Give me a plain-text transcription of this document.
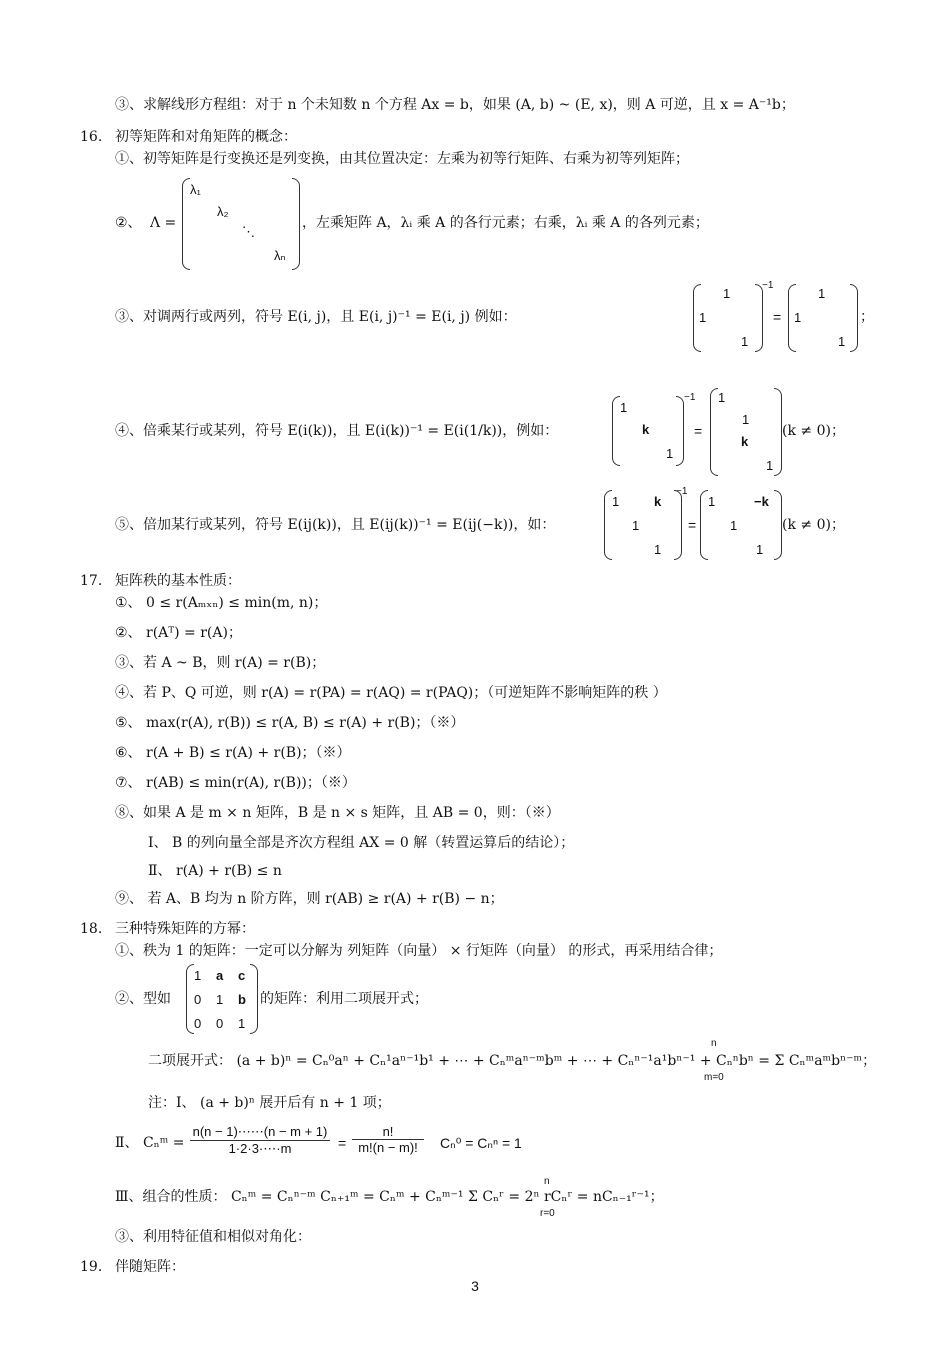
③、求解线形方程组：对于 n 个未知数 n 个方程 Ax = b，如果 (A, b) ~ (E, x)，则 A 可逆，且 x = A⁻¹b；
16. 初等矩阵和对角矩阵的概念：
①、初等矩阵是行变换还是列变换，由其位置决定：左乘为初等行矩阵、右乘为初等列矩阵；
②、 Λ =
λ₁
λ₂
⋱
λₙ
，左乘矩阵 A，λᵢ 乘 A 的各行元素；右乘，λᵢ 乘 A 的各列元素；
③、对调两行或两列，符号 E(i, j)，且 E(i, j)⁻¹ = E(i, j) 例如：
1
1
1
−1
=
1
1
1
；
④、倍乘某行或某列，符号 E(i(k))，且 E(i(k))⁻¹ = E(i(1/k))，例如：
1
k
1
−1
=
1
1
k
1
(k ≠ 0)；
⑤、倍加某行或某列，符号 E(ij(k))，且 E(ij(k))⁻¹ = E(ij(−k))，如：
1	k
1
1
−1
=
1	−k
1
1
(k ≠ 0)；
17. 矩阵秩的基本性质：
①、 0 ≤ r(Aₘₓₙ) ≤ min(m, n)；
②、 r(Aᵀ) = r(A)；
③、若 A ~ B，则 r(A) = r(B)；
④、若 P、Q 可逆，则 r(A) = r(PA) = r(AQ) = r(PAQ)；（可逆矩阵不影响矩阵的秩 ）
⑤、 max(r(A), r(B)) ≤ r(A, B) ≤ r(A) + r(B)；（※）
⑥、 r(A + B) ≤ r(A) + r(B)；（※）
⑦、 r(AB) ≤ min(r(A), r(B))；（※）
⑧、如果 A 是 m × n 矩阵，B 是 n × s 矩阵，且 AB = 0，则：（※）
Ⅰ、 B 的列向量全部是齐次方程组 AX = 0 解（转置运算后的结论）；
Ⅱ、 r(A) + r(B) ≤ n
⑨、 若 A、B 均为 n 阶方阵，则 r(AB) ≥ r(A) + r(B) − n；
18. 三种特殊矩阵的方幂：
①、秩为 1 的矩阵：一定可以分解为 列矩阵（向量） × 行矩阵（向量） 的形式，再采用结合律；
②、型如
1 a c
0 1 b
0 0 1
的矩阵：利用二项展开式；
二项展开式： (a + b)ⁿ = Cₙ⁰aⁿ + Cₙ¹aⁿ⁻¹b¹ + ⋯ + Cₙᵐaⁿ⁻ᵐbᵐ + ⋯ + Cₙⁿ⁻¹a¹bⁿ⁻¹ + Cₙⁿbⁿ = Σ Cₙᵐaᵐbⁿ⁻ᵐ；
n
m=0
注：Ⅰ、 (a + b)ⁿ 展开后有 n + 1 项；
Ⅱ、 Cₙᵐ = $\frac{n(n - 1)\cdots\cdots(n - m + 1)}{1\cdot 2\cdot 3\cdot\cdots\cdot m} = \frac{n!}{m!(n - m)!} C_n^0 = C_n^n = 1$
Ⅲ、组合的性质： Cₙᵐ = Cₙⁿ⁻ᵐ Cₙ₊₁ᵐ = Cₙᵐ + Cₙᵐ⁻¹ Σ Cₙʳ = 2ⁿ rCₙʳ = nCₙ₋₁ʳ⁻¹；
n
r=0
③、利用特征值和相似对角化：
19. 伴随矩阵：
3
